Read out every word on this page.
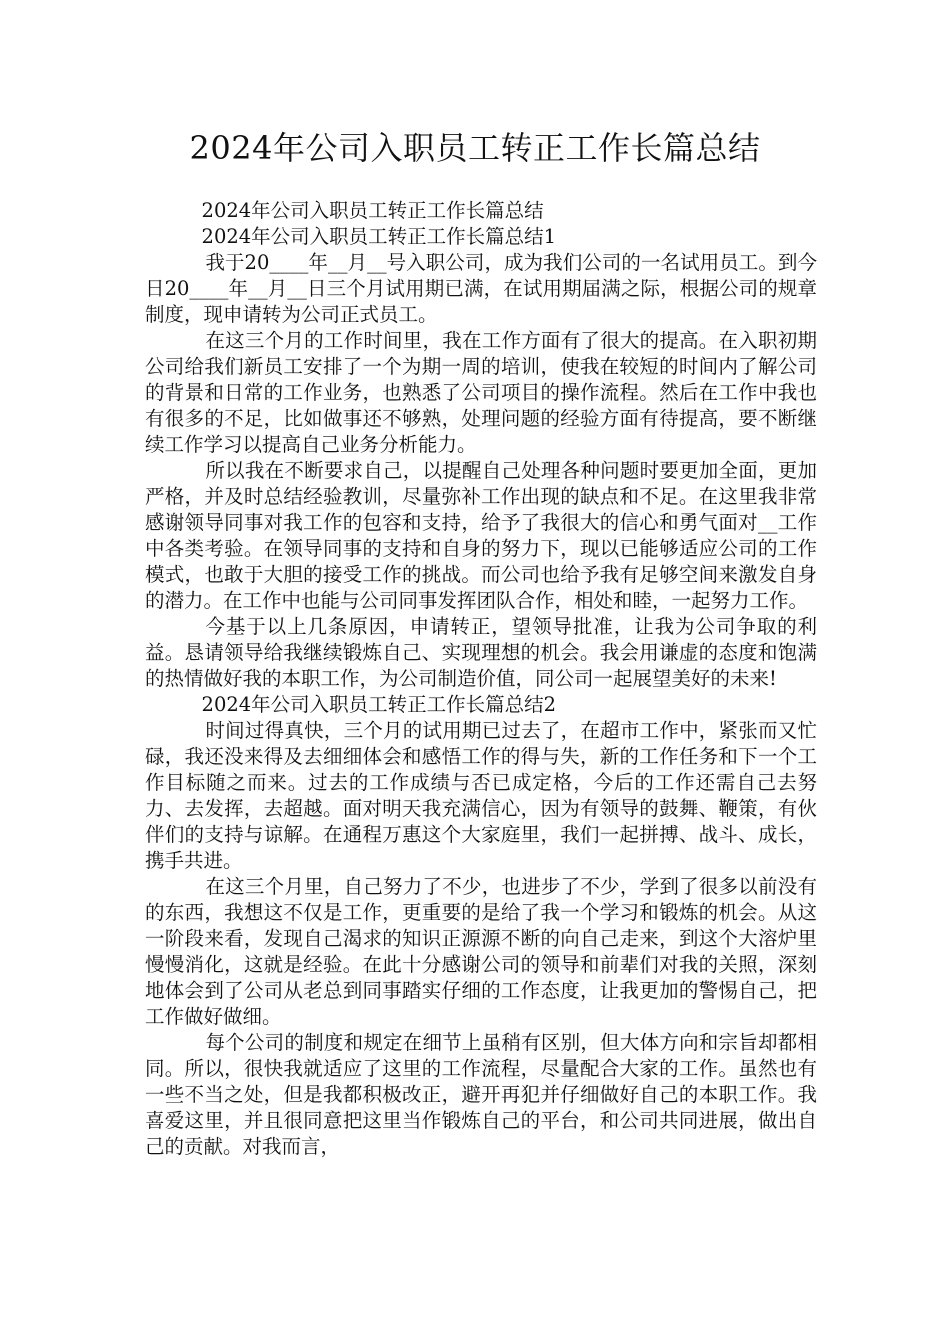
2024年公司入职员工转正工作长篇总结

2024年公司入职员工转正工作长篇总结

2024年公司入职员工转正工作长篇总结1

我于20____年__月__号入职公司，成为我们公司的一名试用员工。到今日20____年__月__日三个月试用期已满，在试用期届满之际，根据公司的规章制度，现申请转为公司正式员工。

在这三个月的工作时间里，我在工作方面有了很大的提高。在入职初期公司给我们新员工安排了一个为期一周的培训，使我在较短的时间内了解公司的背景和日常的工作业务，也熟悉了公司项目的操作流程。然后在工作中我也有很多的不足，比如做事还不够熟，处理问题的经验方面有待提高，要不断继续工作学习以提高自己业务分析能力。

所以我在不断要求自己，以提醒自己处理各种问题时要更加全面，更加严格，并及时总结经验教训，尽量弥补工作出现的缺点和不足。在这里我非常感谢领导同事对我工作的包容和支持，给予了我很大的信心和勇气面对__工作中各类考验。在领导同事的支持和自身的努力下，现以已能够适应公司的工作模式，也敢于大胆的接受工作的挑战。而公司也给予我有足够空间来激发自身的潜力。在工作中也能与公司同事发挥团队合作，相处和睦，一起努力工作。

今基于以上几条原因，申请转正，望领导批准，让我为公司争取的利益。恳请领导给我继续锻炼自己、实现理想的机会。我会用谦虚的态度和饱满的热情做好我的本职工作，为公司制造价值，同公司一起展望美好的未来!

2024年公司入职员工转正工作长篇总结2

时间过得真快，三个月的试用期已过去了，在超市工作中，紧张而又忙碌，我还没来得及去细细体会和感悟工作的得与失，新的工作任务和下一个工作目标随之而来。过去的工作成绩与否已成定格，今后的工作还需自己去努力、去发挥，去超越。面对明天我充满信心，因为有领导的鼓舞、鞭策，有伙伴们的支持与谅解。在通程万惠这个大家庭里，我们一起拼搏、战斗、成长，携手共进。

在这三个月里，自己努力了不少，也进步了不少，学到了很多以前没有的东西，我想这不仅是工作，更重要的是给了我一个学习和锻炼的机会。从这一阶段来看，发现自己渴求的知识正源源不断的向自己走来，到这个大溶炉里慢慢消化，这就是经验。在此十分感谢公司的领导和前辈们对我的关照，深刻地体会到了公司从老总到同事踏实仔细的工作态度，让我更加的警惕自己，把工作做好做细。

每个公司的制度和规定在细节上虽稍有区别，但大体方向和宗旨却都相同。所以，很快我就适应了这里的工作流程，尽量配合大家的工作。虽然也有一些不当之处，但是我都积极改正，避开再犯并仔细做好自己的本职工作。我喜爱这里，并且很同意把这里当作锻炼自己的平台，和公司共同进展，做出自己的贡献。对我而言，
